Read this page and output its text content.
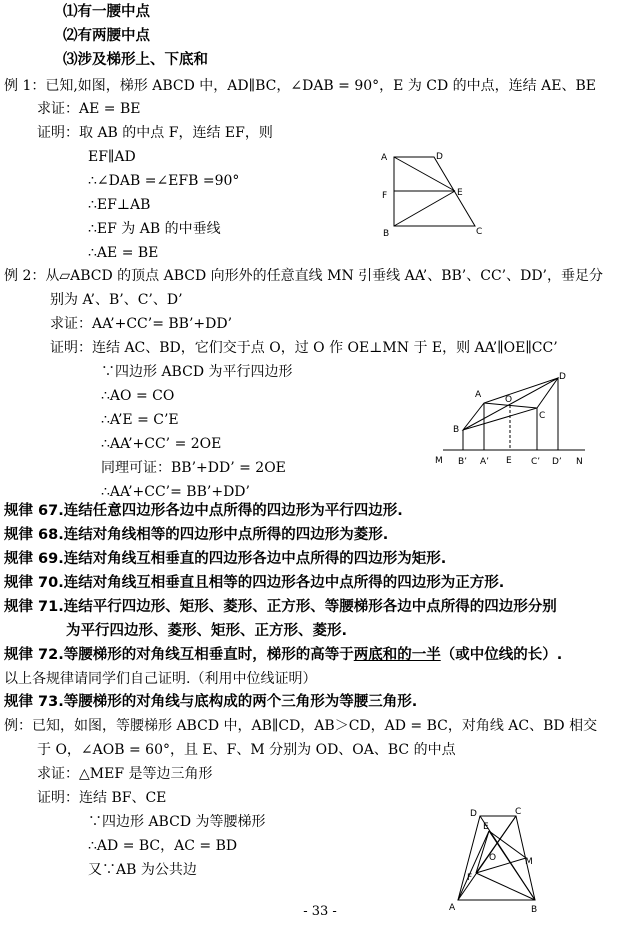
⑴有一腰中点
⑵有两腰中点
⑶涉及梯形上、下底和
例 1：已知,如图，梯形 ABCD 中，AD∥BC，∠DAB = 90°，E 为 CD 的中点，连结 AE、BE
求证：AE = BE
证明：取 AB 的中点 F，连结 EF，则
EF∥AD
∴∠DAB =∠EFB =90°
∴EF⊥AB
∴EF 为 AB 的中垂线
∴AE = BE
A	D
F	E
B	C
例 2：从▱ABCD 的顶点 ABCD 向形外的任意直线 MN 引垂线 AA’、BB’、CC’、DD’，垂足分
别为 A’、B’、C’、D’
求证：AA’+CC’= BB’+DD’
证明：连结 AC、BD，它们交于点 O，过 O 作 OE⊥MN 于 E，则 AA’∥OE∥CC’
∵四边形 ABCD 为平行四边形
∴AO = CO
∴A’E = C’E
∴AA’+CC’ = 2OE
同理可证：BB’+DD’ = 2OE
∴AA’+CC’= BB’+DD’
D
A	O
C
B
M B’ A’ E C’ D’ N
规律 67.连结任意四边形各边中点所得的四边形为平行四边形.
规律 68.连结对角线相等的四边形中点所得的四边形为菱形.
规律 69.连结对角线互相垂直的四边形各边中点所得的四边形为矩形.
规律 70.连结对角线互相垂直且相等的四边形各边中点所得的四边形为正方形.
规律 71.连结平行四边形、矩形、菱形、正方形、等腰梯形各边中点所得的四边形分别
为平行四边形、菱形、矩形、正方形、菱形.
规律 72.等腰梯形的对角线互相垂直时，梯形的高等于两底和的一半（或中位线的长）.
以上各规律请同学们自己证明.（利用中位线证明）
规律 73.等腰梯形的对角线与底构成的两个三角形为等腰三角形.
例：已知，如图，等腰梯形 ABCD 中，AB∥CD，AB＞CD，AD = BC，对角线 AC、BD 相交
于 O，∠AOB = 60°，且 E、F、M 分别为 OD、OA、BC 的中点
求证：△MEF 是等边三角形
证明：连结 BF、CE
∵四边形 ABCD 为等腰梯形
∴AD = BC，AC = BD
又∵AB 为公共边
D	C
E
O	M
F
A	B
- 33 -
